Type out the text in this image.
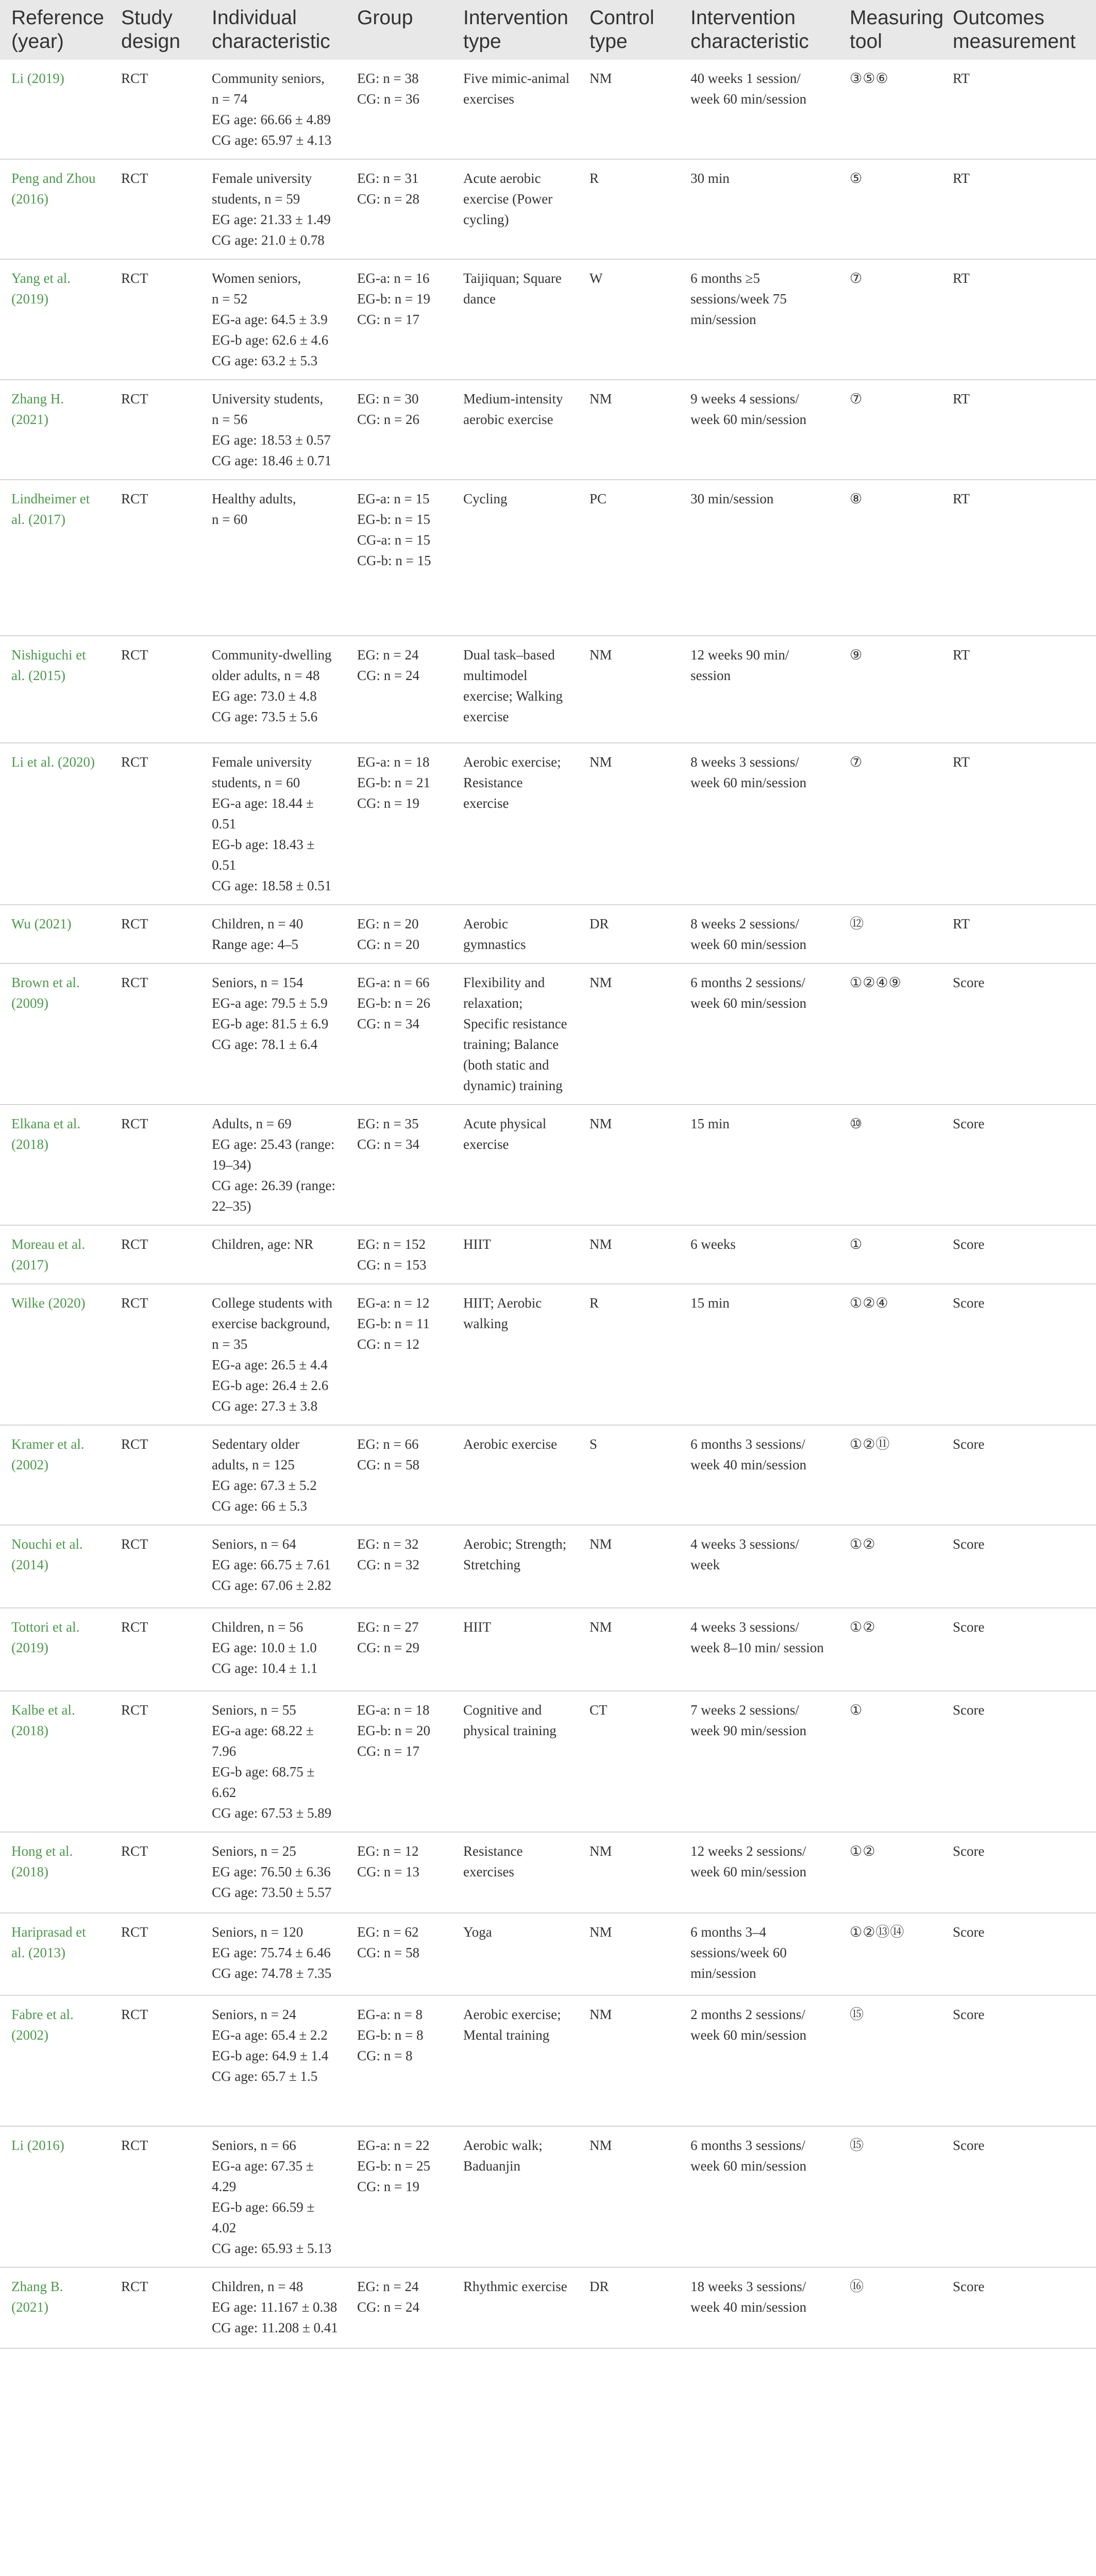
Reference (year)	Study design	Individual characteristic	Group	Intervention type	Control type	Intervention characteristic	Measuring tool	Outcomes measurement
Li (2019)	RCT	Community seniors,
n = 74
EG age: 66.66 ± 4.89
CG age: 65.97 ± 4.13	EG: n = 38
CG: n = 36	Five mimic-animal exercises	NM	40 weeks 1 session/ week 60 min/session	③⑤⑥	RT
Peng and Zhou (2016)	RCT	Female university students, n = 59
EG age: 21.33 ± 1.49
CG age: 21.0 ± 0.78	EG: n = 31
CG: n = 28	Acute aerobic exercise (Power cycling)	R	30 min	⑤	RT
Yang et al. (2019)	RCT	Women seniors,
n = 52
EG-a age: 64.5 ± 3.9
EG-b age: 62.6 ± 4.6
CG age: 63.2 ± 5.3	EG-a: n = 16
EG-b: n = 19
CG: n = 17	Taijiquan; Square dance	W	6 months ≥5 sessions/week 75 min/session	⑦	RT
Zhang H. (2021)	RCT	University students,
n = 56
EG age: 18.53 ± 0.57
CG age: 18.46 ± 0.71	EG: n = 30
CG: n = 26	Medium-intensity aerobic exercise	NM	9 weeks 4 sessions/ week 60 min/session	⑦	RT
Lindheimer et al. (2017)	RCT	Healthy adults,
n = 60	EG-a: n = 15
EG-b: n = 15
CG-a: n = 15
CG-b: n = 15	Cycling	PC	30 min/session	⑧	RT
Nishiguchi et al. (2015)	RCT	Community-dwelling older adults, n = 48
EG age: 73.0 ± 4.8
CG age: 73.5 ± 5.6	EG: n = 24
CG: n = 24	Dual task–based multimodel exercise; Walking exercise	NM	12 weeks 90 min/ session	⑨	RT
Li et al. (2020)	RCT	Female university students, n = 60
EG-a age: 18.44 ± 0.51
EG-b age: 18.43 ± 0.51
CG age: 18.58 ± 0.51	EG-a: n = 18
EG-b: n = 21
CG: n = 19	Aerobic exercise; Resistance exercise	NM	8 weeks 3 sessions/ week 60 min/session	⑦	RT
Wu (2021)	RCT	Children, n = 40
Range age: 4–5	EG: n = 20
CG: n = 20	Aerobic gymnastics	DR	8 weeks 2 sessions/ week 60 min/session	⑫	RT
Brown et al. (2009)	RCT	Seniors, n = 154
EG-a age: 79.5 ± 5.9
EG-b age: 81.5 ± 6.9
CG age: 78.1 ± 6.4	EG-a: n = 66
EG-b: n = 26
CG: n = 34	Flexibility and relaxation; Specific resistance training; Balance (both static and dynamic) training	NM	6 months 2 sessions/ week 60 min/session	①②④⑨	Score
Elkana et al. (2018)	RCT	Adults, n = 69
EG age: 25.43 (range: 19–34)
CG age: 26.39 (range: 22–35)	EG: n = 35
CG: n = 34	Acute physical exercise	NM	15 min	⑩	Score
Moreau et al. (2017)	RCT	Children, age: NR	EG: n = 152
CG: n = 153	HIIT	NM	6 weeks	①	Score
Wilke (2020)	RCT	College students with exercise background, n = 35
EG-a age: 26.5 ± 4.4
EG-b age: 26.4 ± 2.6
CG age: 27.3 ± 3.8	EG-a: n = 12
EG-b: n = 11
CG: n = 12	HIIT; Aerobic walking	R	15 min	①②④	Score
Kramer et al. (2002)	RCT	Sedentary older adults, n = 125
EG age: 67.3 ± 5.2
CG age: 66 ± 5.3	EG: n = 66
CG: n = 58	Aerobic exercise	S	6 months 3 sessions/ week 40 min/session	①②⑪	Score
Nouchi et al. (2014)	RCT	Seniors, n = 64
EG age: 66.75 ± 7.61
CG age: 67.06 ± 2.82	EG: n = 32
CG: n = 32	Aerobic; Strength; Stretching	NM	4 weeks 3 sessions/ week	①②	Score
Tottori et al. (2019)	RCT	Children, n = 56
EG age: 10.0 ± 1.0
CG age: 10.4 ± 1.1	EG: n = 27
CG: n = 29	HIIT	NM	4 weeks 3 sessions/ week 8–10 min/ session	①②	Score
Kalbe et al. (2018)	RCT	Seniors, n = 55
EG-a age: 68.22 ± 7.96
EG-b age: 68.75 ± 6.62
CG age: 67.53 ± 5.89	EG-a: n = 18
EG-b: n = 20
CG: n = 17	Cognitive and physical training	CT	7 weeks 2 sessions/ week 90 min/session	①	Score
Hong et al. (2018)	RCT	Seniors, n = 25
EG age: 76.50 ± 6.36
CG age: 73.50 ± 5.57	EG: n = 12
CG: n = 13	Resistance exercises	NM	12 weeks 2 sessions/ week 60 min/session	①②	Score
Hariprasad et al. (2013)	RCT	Seniors, n = 120
EG age: 75.74 ± 6.46
CG age: 74.78 ± 7.35	EG: n = 62
CG: n = 58	Yoga	NM	6 months 3–4 sessions/week 60 min/session	①②⑬⑭	Score
Fabre et al. (2002)	RCT	Seniors, n = 24
EG-a age: 65.4 ± 2.2
EG-b age: 64.9 ± 1.4
CG age: 65.7 ± 1.5	EG-a: n = 8
EG-b: n = 8
CG: n = 8	Aerobic exercise; Mental training	NM	2 months 2 sessions/ week 60 min/session	⑮	Score
Li (2016)	RCT	Seniors, n = 66
EG-a age: 67.35 ± 4.29
EG-b age: 66.59 ± 4.02
CG age: 65.93 ± 5.13	EG-a: n = 22
EG-b: n = 25
CG: n = 19	Aerobic walk; Baduanjin	NM	6 months 3 sessions/ week 60 min/session	⑮	Score
Zhang B. (2021)	RCT	Children, n = 48
EG age: 11.167 ± 0.38
CG age: 11.208 ± 0.41	EG: n = 24
CG: n = 24	Rhythmic exercise	DR	18 weeks 3 sessions/ week 40 min/session	⑯	Score
